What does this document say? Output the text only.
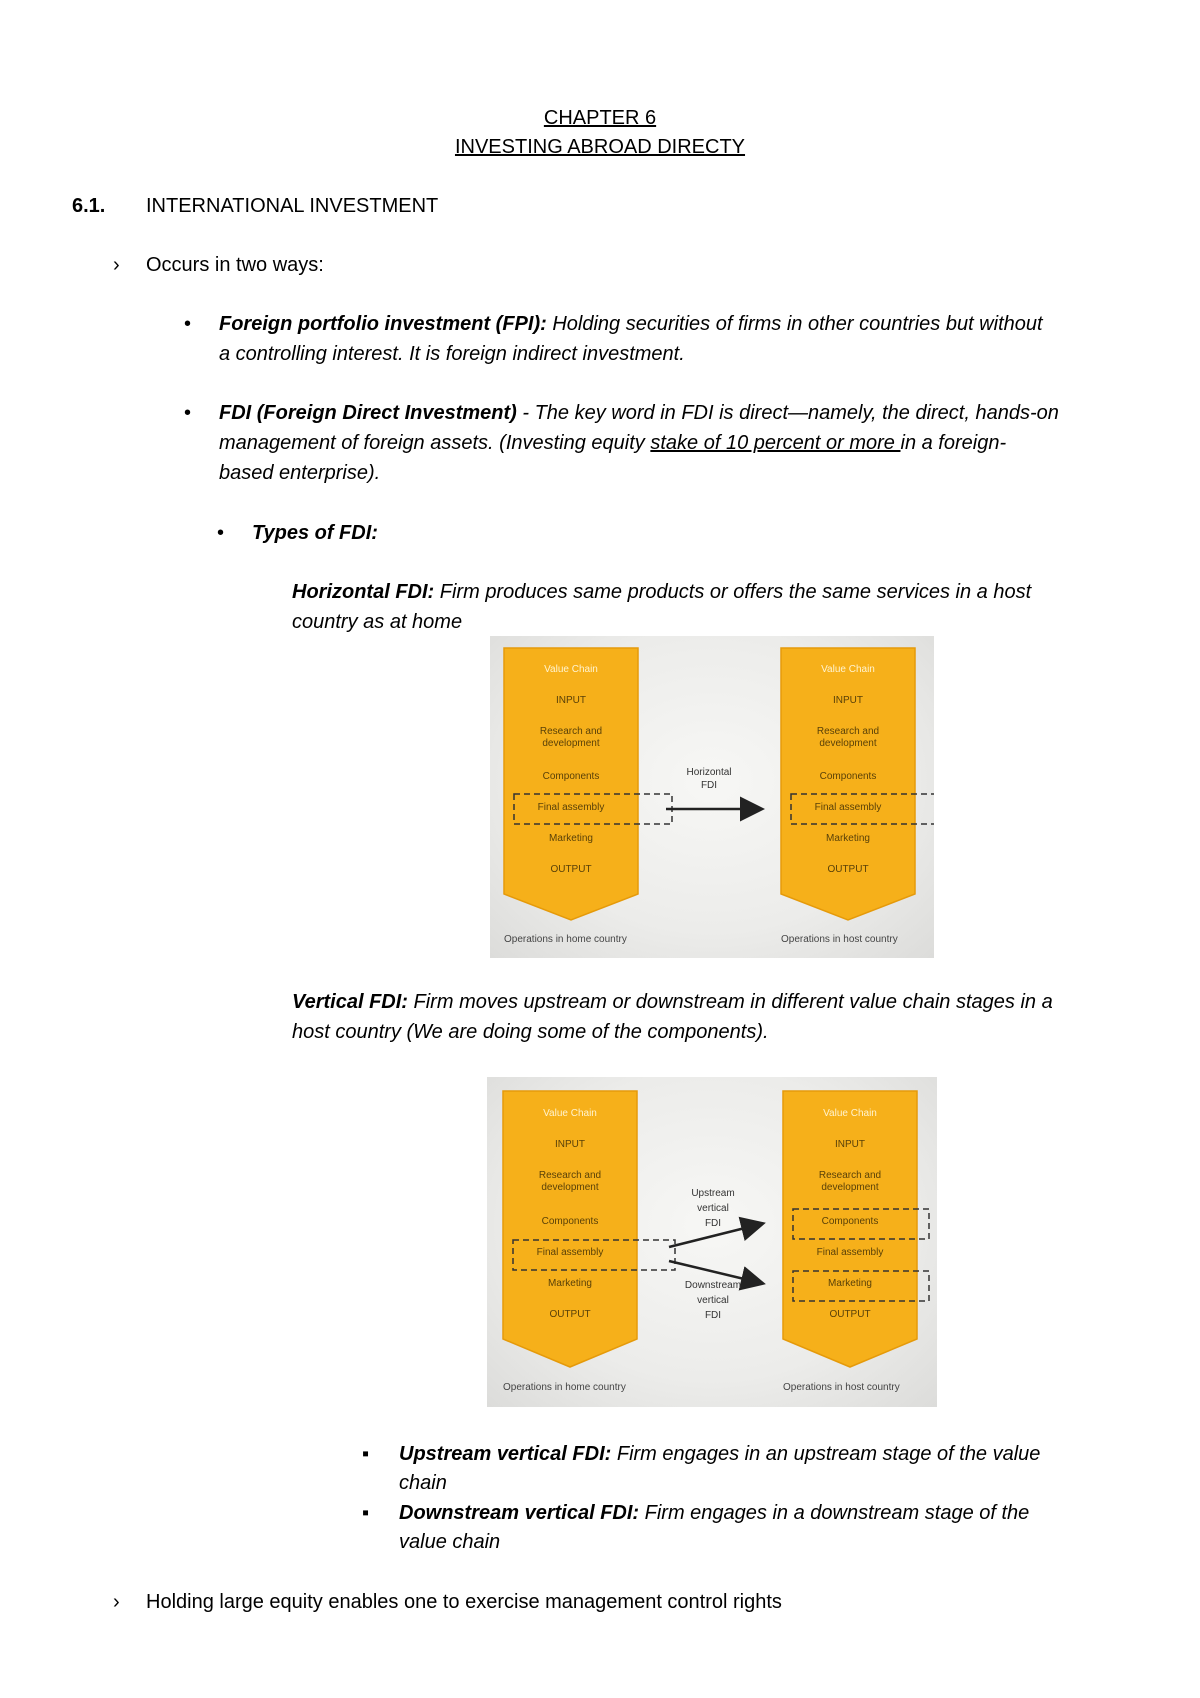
CHAPTER 6
INVESTING ABROAD DIRECTY
6.1. INTERNATIONAL INVESTMENT
› Occurs in two ways:
• Foreign portfolio investment (FPI): Holding securities of firms in other countries but without
a controlling interest. It is foreign indirect investment.
• FDI (Foreign Direct Investment) - The key word in FDI is direct—namely, the direct, hands-on
management of foreign assets. (Investing equity stake of 10 percent or more in a foreign-
based enterprise).
• Types of FDI:
Horizontal FDI: Firm produces same products or offers the same services in a host
country as at home
Value Chain
INPUT
Research and
development
Components
Final assembly
Marketing
OUTPUT
Value Chain
INPUT
Research and
development
Components
Final assembly
Marketing
OUTPUT
Horizontal
FDI
Operations in home country	Operations in host country
Vertical FDI: Firm moves upstream or downstream in different value chain stages in a
host country (We are doing some of the components).
Value Chain
INPUT
Research and
development
Components
Final assembly
Marketing
OUTPUT
Value Chain
INPUT
Research and
development
Components
Final assembly
Marketing
OUTPUT
Upstream
vertical
FDI
Downstream
vertical
FDI
Operations in home country	Operations in host country
▪ Upstream vertical FDI: Firm engages in an upstream stage of the value
chain
▪ Downstream vertical FDI: Firm engages in a downstream stage of the
value chain
› Holding large equity enables one to exercise management control rights
